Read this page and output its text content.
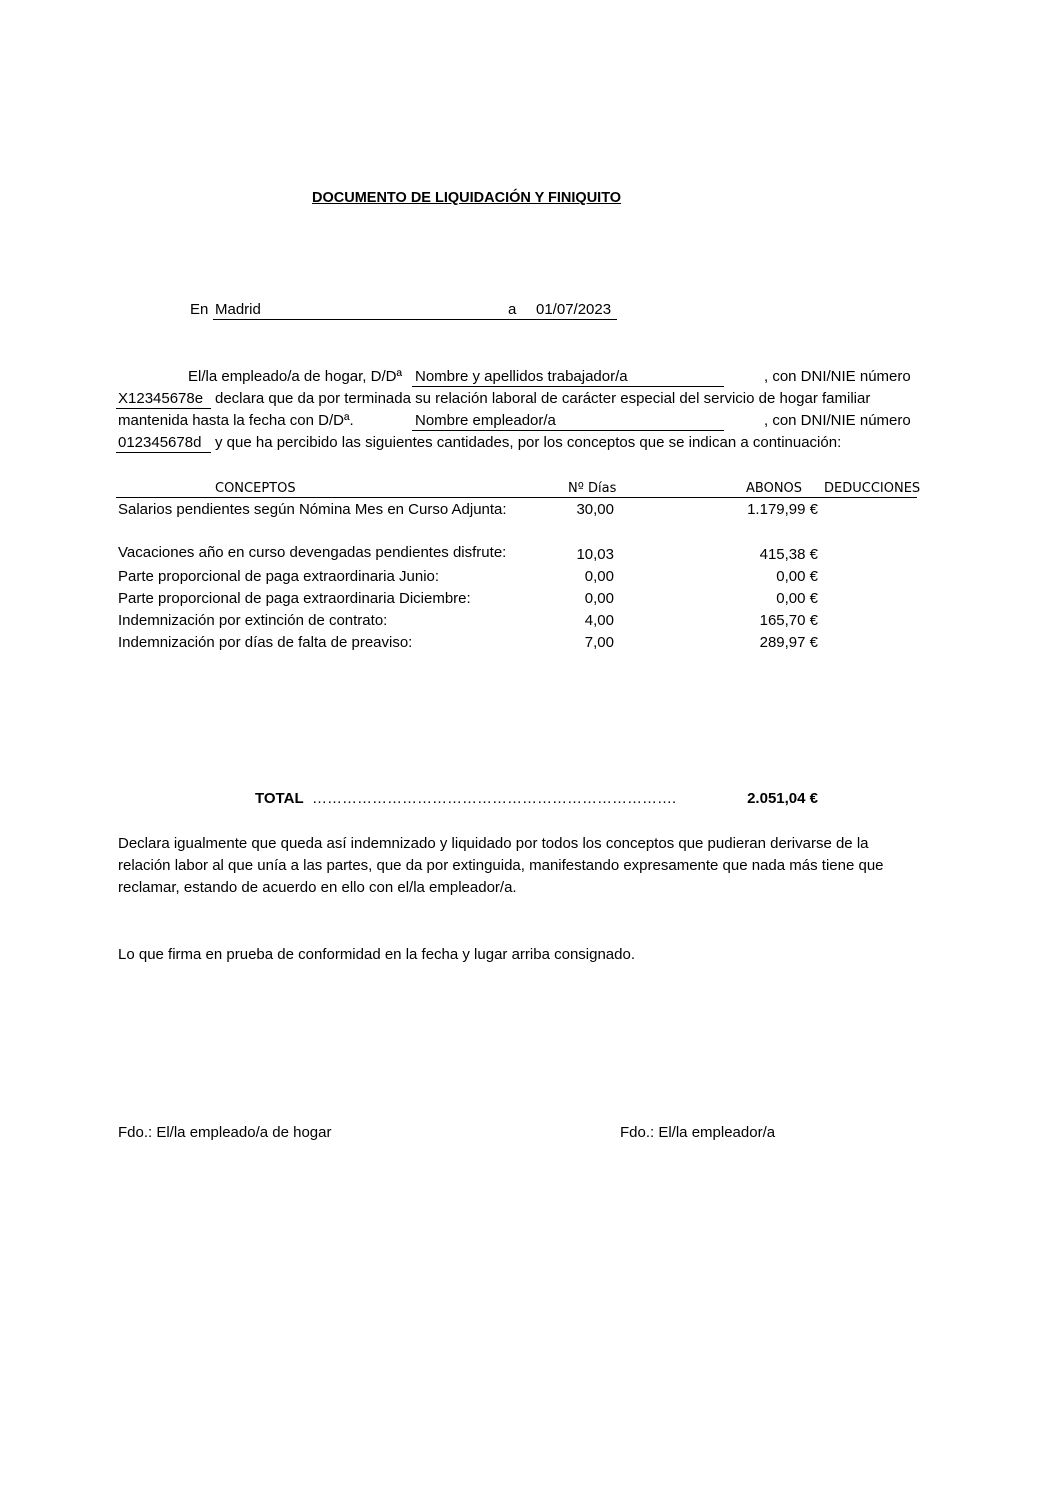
DOCUMENTO DE LIQUIDACIÓN Y FINIQUITO
En Madrid	a 01/07/2023
El/la empleado/a de hogar, D/Dª Nombre y apellidos trabajador/a	, con DNI/NIE número
X12345678e declara que da por terminada su relación laboral de carácter especial del servicio de hogar familiar
mantenida hasta la fecha con D/Dª.	Nombre empleador/a	, con DNI/NIE número
012345678d y que ha percibido las siguientes cantidades, por los conceptos que se indican a continuación:
CONCEPTOS	Nº Días	ABONOS DEDUCCIONES
Salarios pendientes según Nómina Mes en Curso Adjunta:	30,00	1.179,99 €
Vacaciones año en curso devengadas pendientes disfrute:	10,03	415,38 €
Parte proporcional de paga extraordinaria Junio:	0,00	0,00 €
Parte proporcional de paga extraordinaria Diciembre:	0,00	0,00 €
Indemnización por extinción de contrato:	4,00	165,70 €
Indemnización por días de falta de preaviso:	7,00	289,97 €
TOTAL ……………………………………………………………….	2.051,04 €
Declara igualmente que queda así indemnizado y liquidado por todos los conceptos que pudieran derivarse de la
relación labor al que unía a las partes, que da por extinguida, manifestando expresamente que nada más tiene que
reclamar, estando de acuerdo en ello con el/la empleador/a.
Lo que firma en prueba de conformidad en la fecha y lugar arriba consignado.
Fdo.: El/la empleado/a de hogar	Fdo.: El/la empleador/a
